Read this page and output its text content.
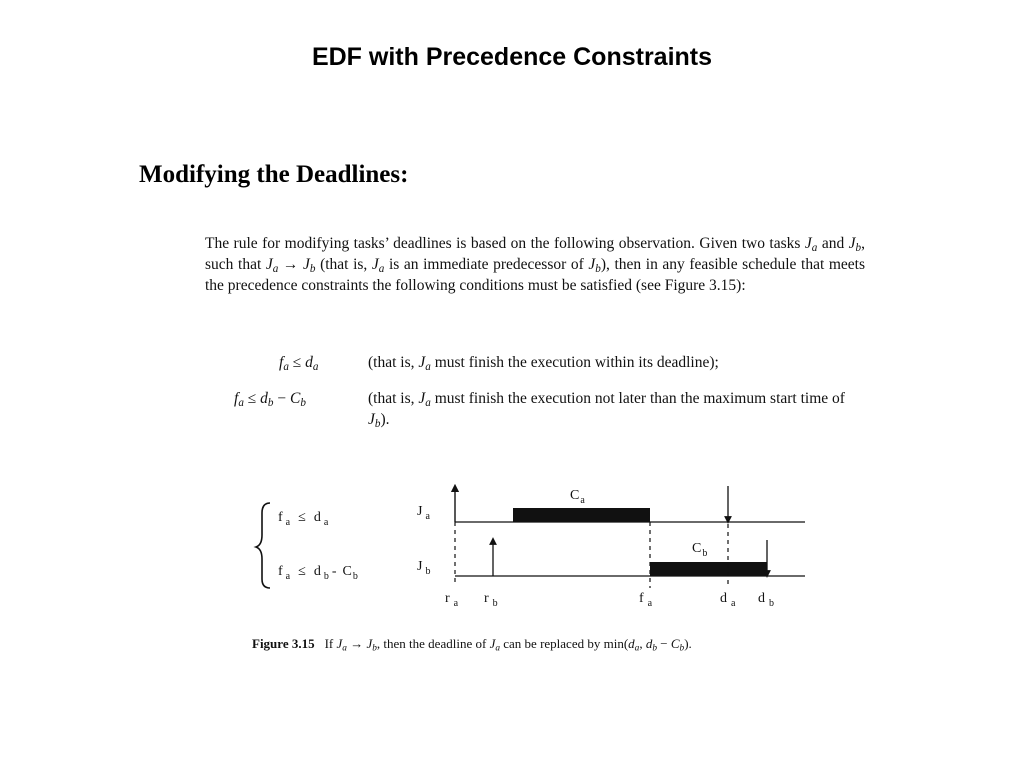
EDF with Precedence Constraints
Modifying the Deadlines:
The rule for modifying tasks’ deadlines is based on the following observation. Given two tasks $J_a$ and $J_b$, such that $J_a \to J_b$ (that is, $J_a$ is an immediate predecessor of $J_b$), then in any feasible schedule that meets the precedence constraints the following conditions must be satisfied (see Figure 3.15):
$f_a \le d_a$	(that is, $J_a$ must finish the execution within its deadline);
$f_a \le d_b - C_b$	(that is, $J_a$ must finish the execution not later than the maximum start time of $J_b$).
f $_a$ ≤ d $_a$
f $_a$ ≤ d $_b - C_b$
J $_a$
J $_b$
$C_a$
$C_b$
r $_a$ r $_b$	f $_a$	d $_a$ d $_b$
Figure 3.15 If $J_a \to J_b$, then the deadline of $J_a$ can be replaced by $\min(d_a$, $d_b - C_b$).
